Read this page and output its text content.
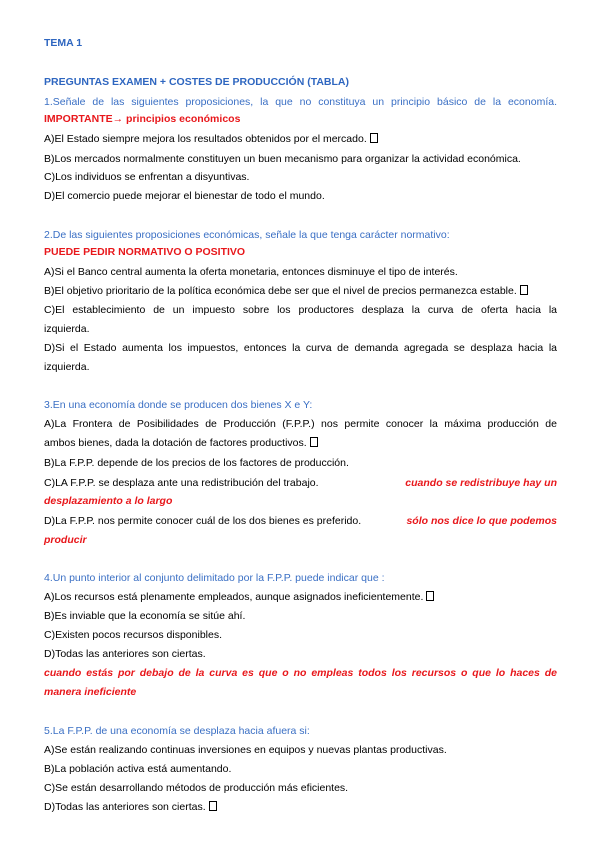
TEMA 1
PREGUNTAS EXAMEN + COSTES DE PRODUCCIÓN (TABLA)
1.Señale de las siguientes proposiciones, la que no constituya un principio básico de la economía.
IMPORTANTE→ principios económicos
A)El Estado siempre mejora los resultados obtenidos por el mercado.
B)Los mercados normalmente constituyen un buen mecanismo para organizar la actividad económica.
C)Los individuos se enfrentan a disyuntivas.
D)El comercio puede mejorar el bienestar de todo el mundo.
2.De las siguientes proposiciones económicas, señale la que tenga carácter normativo:
PUEDE PEDIR NORMATIVO O POSITIVO
A)Si el Banco central aumenta la oferta monetaria, entonces disminuye el tipo de interés.
B)El objetivo prioritario de la política económica debe ser que el nivel de precios permanezca estable.
C)El establecimiento de un impuesto sobre los productores desplaza la curva de oferta hacia la
izquierda.
D)Si el Estado aumenta los impuestos, entonces la curva de demanda agregada se desplaza hacia la
izquierda.
3.En una economía donde se producen dos bienes X e Y:
A)La Frontera de Posibilidades de Producción (F.P.P.) nos permite conocer la máxima producción de
ambos bienes, dada la dotación de factores productivos.
B)La F.P.P. depende de los precios de los factores de producción.
C)LA F.P.P. se desplaza ante una redistribución del trabajo.	cuando se redistribuye hay un
desplazamiento a lo largo
D)La F.P.P. nos permite conocer cuál de los dos bienes es preferido.	sólo nos dice lo que podemos
producir
4.Un punto interior al conjunto delimitado por la F.P.P. puede indicar que :
A)Los recursos está plenamente empleados, aunque asignados ineficientemente.
B)Es inviable que la economía se sitúe ahí.
C)Existen pocos recursos disponibles.
D)Todas las anteriores son ciertas.
cuando estás por debajo de la curva es que o no empleas todos los recursos o que lo haces de
manera ineficiente
5.La F.P.P. de una economía se desplaza hacia afuera si:
A)Se están realizando continuas inversiones en equipos y nuevas plantas productivas.
B)La población activa está aumentando.
C)Se están desarrollando métodos de producción más eficientes.
D)Todas las anteriores son ciertas.
